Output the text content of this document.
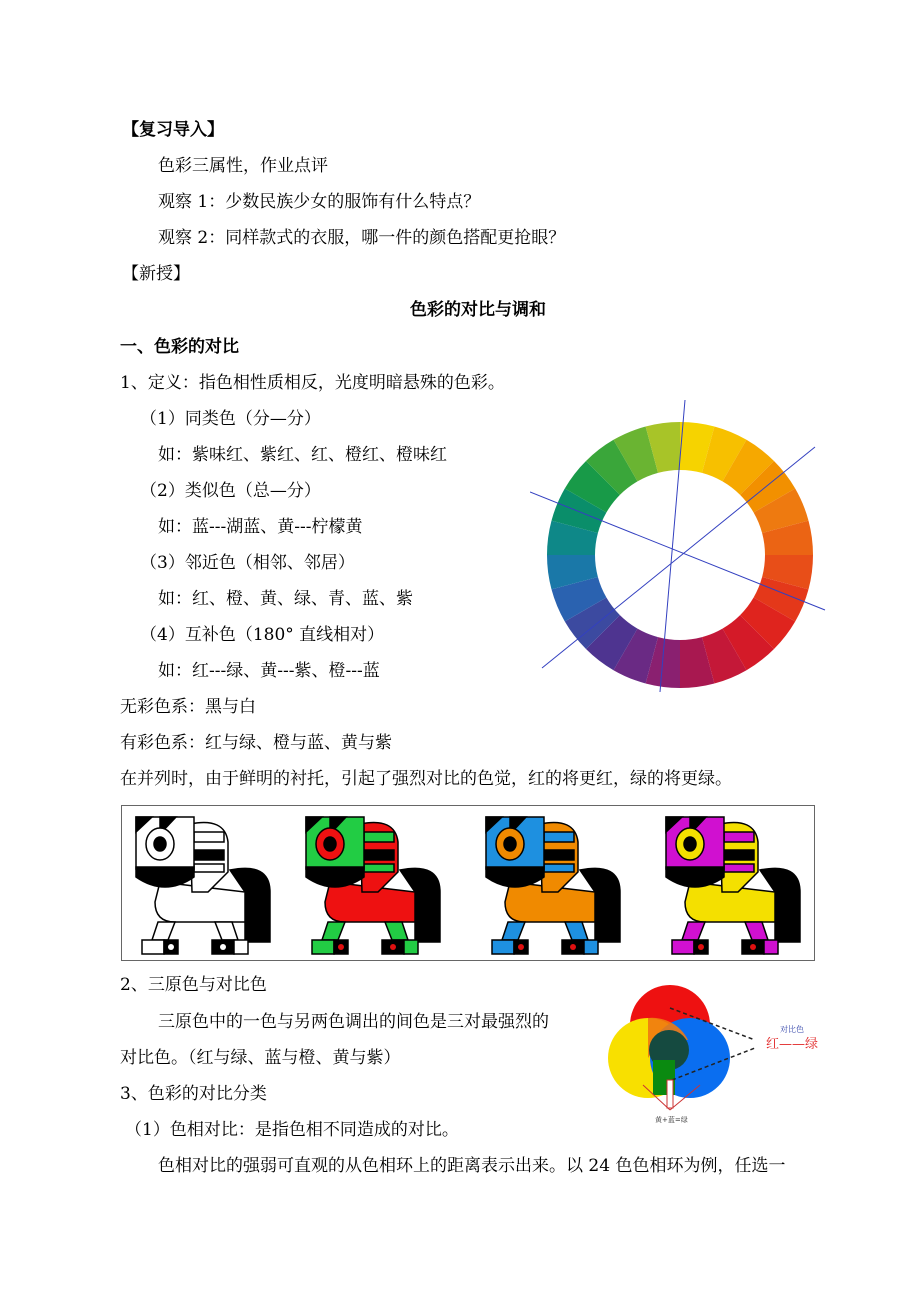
【复习导入】
色彩三属性，作业点评
观察 1：少数民族少女的服饰有什么特点？
观察 2：同样款式的衣服，哪一件的颜色搭配更抢眼？
【新授】
色彩的对比与调和
一、色彩的对比
1、定义：指色相性质相反，光度明暗悬殊的色彩。
（1）同类色（分—分）
如：紫味红、紫红、红、橙红、橙味红
（2）类似色（总—分）
如：蓝---湖蓝、黄---柠檬黄
（3）邻近色（相邻、邻居）
如：红、橙、黄、绿、青、蓝、紫
（4）互补色（180° 直线相对）
如：红---绿、黄---紫、橙---蓝
无彩色系：黑与白
有彩色系：红与绿、橙与蓝、黄与紫
在并列时，由于鲜明的衬托，引起了强烈对比的色觉，红的将更红，绿的将更绿。
2、三原色与对比色
三原色中的一色与另两色调出的间色是三对最强烈的
对比色。（红与绿、蓝与橙、黄与紫）
3、色彩的对比分类
（1）色相对比：是指色相不同造成的对比。
色相对比的强弱可直观的从色相环上的距离表示出来。以 24 色色相环为例，任选一
对比色
红——绿
黄+蓝=绿
